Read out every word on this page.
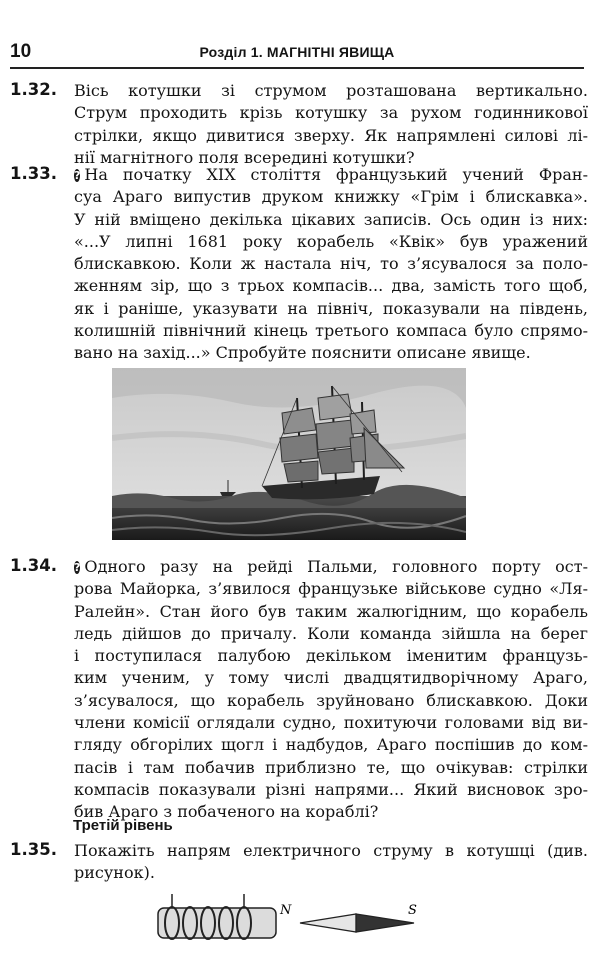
10	Розділ 1. МАГНІТНІ ЯВИЩА
1.32. Вісь котушки зі струмом розташована вертикально.
Струм проходить крізь котушку за рухом годинникової
стрілки, якщо дивитися зверху. Як напрямлені силові лі-
нії магнітного поля всередині котушки?
1.33. ? На початку XIX століття французький учений Фран-
суа Араго випустив друком книжку «Грім і блискавка».
У ній вміщено декілька цікавих записів. Ось один із них:
«...У липні 1681 року корабель «Квік» був уражений
блискавкою. Коли ж настала ніч, то з’ясувалося за поло-
женням зір, що з трьох компасів... два, замість того щоб,
як і раніше, указувати на північ, показували на південь,
колишній північний кінець третього компаса було спрямо-
вано на захід...» Спробуйте пояснити описане явище.
1.34. ? Одного разу на рейді Пальми, головного порту ост-
рова Майорка, з’явилося французьке військове судно «Ля-
Ралейн». Стан його був таким жалюгідним, що корабель
ледь дійшов до причалу. Коли команда зійшла на берег
і поступилася палубою декільком іменитим французь-
ким ученим, у тому числі двадцятидворічному Араго,
з’ясувалося, що корабель зруйновано блискавкою. Доки
члени комісії оглядали судно, похитуючи головами від ви-
гляду обгорілих щогл і надбудов, Араго поспішив до ком-
пасів і там побачив приблизно те, що очікував: стрілки
компасів показували різні напрями... Який висновок зро-
бив Араго з побаченого на кораблі?
Третій рівень
1.35. Покажіть напрям електричного струму в котушці (див.
рисунок).
N	S
